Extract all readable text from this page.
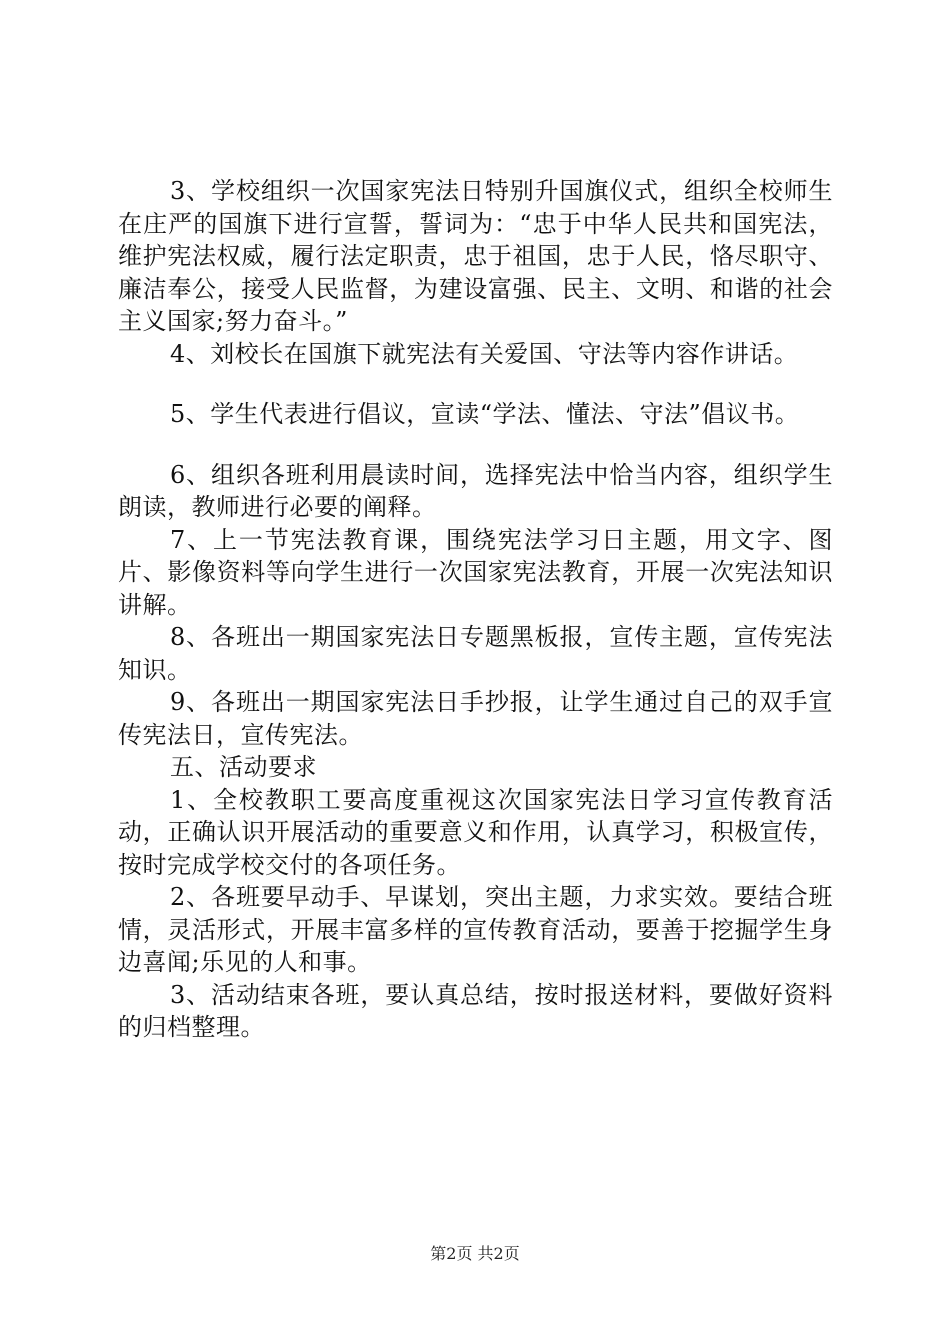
3、学校组织一次国家宪法日特别升国旗仪式，组织全校师生在庄严的国旗下进行宣誓，誓词为：“忠于中华人民共和国宪法，维护宪法权威，履行法定职责，忠于祖国，忠于人民，恪尽职守、廉洁奉公，接受人民监督，为建设富强、民主、文明、和谐的社会主义国家;努力奋斗。”

4、刘校长在国旗下就宪法有关爱国、守法等内容作讲话。

5、学生代表进行倡议，宣读“学法、懂法、守法”倡议书。

6、组织各班利用晨读时间，选择宪法中恰当内容，组织学生朗读，教师进行必要的阐释。

7、上一节宪法教育课，围绕宪法学习日主题，用文字、图片、影像资料等向学生进行一次国家宪法教育，开展一次宪法知识讲解。

8、各班出一期国家宪法日专题黑板报，宣传主题，宣传宪法知识。

9、各班出一期国家宪法日手抄报，让学生通过自己的双手宣传宪法日，宣传宪法。

五、活动要求

1、全校教职工要高度重视这次国家宪法日学习宣传教育活动，正确认识开展活动的重要意义和作用，认真学习，积极宣传，按时完成学校交付的各项任务。

2、各班要早动手、早谋划，突出主题，力求实效。要结合班情，灵活形式，开展丰富多样的宣传教育活动，要善于挖掘学生身边喜闻;乐见的人和事。

3、活动结束各班，要认真总结，按时报送材料，要做好资料的归档整理。

第2页 共2页
